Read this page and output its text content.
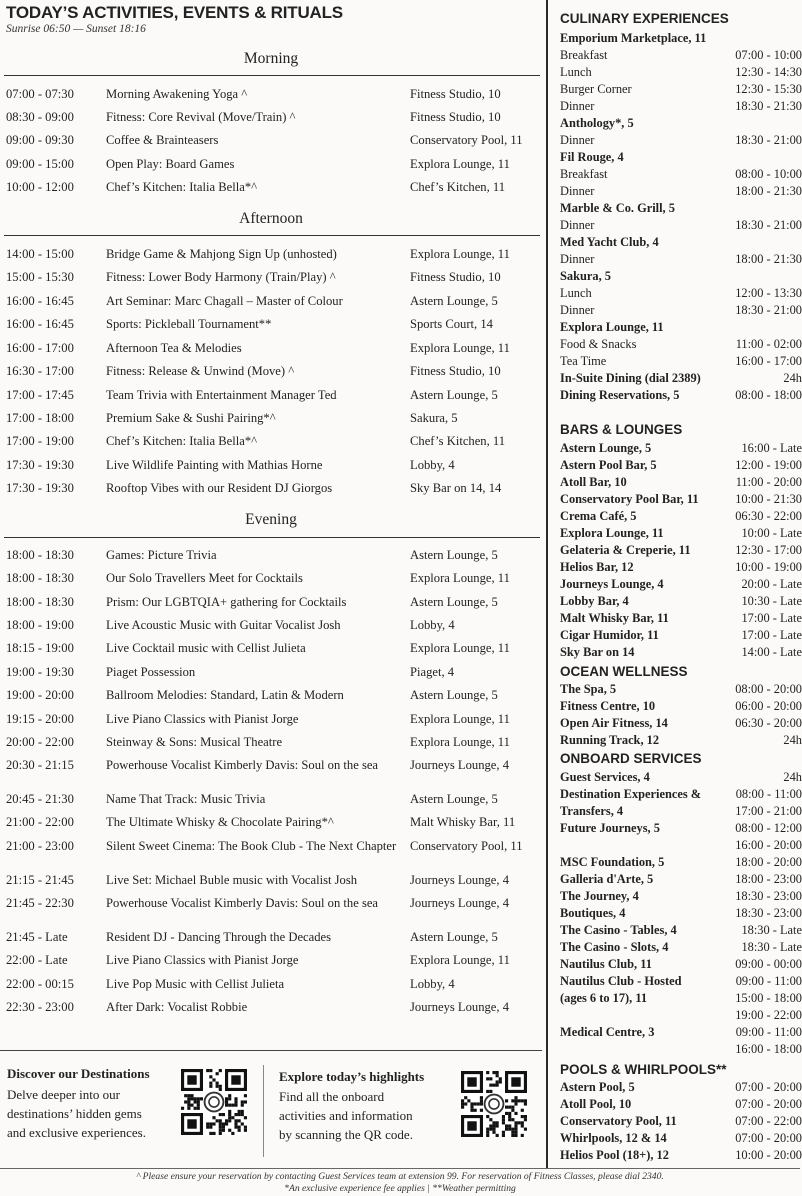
TODAY’S ACTIVITIES, EVENTS & RITUALS
Sunrise 06:50 — Sunset 18:16
Morning
07:00 - 07:30	Morning Awakening Yoga ^	Fitness Studio, 10
08:30 - 09:00	Fitness: Core Revival (Move/Train) ^	Fitness Studio, 10
09:00 - 09:30	Coffee & Brainteasers	Conservatory Pool, 11
09:00 - 15:00	Open Play: Board Games	Explora Lounge, 11
10:00 - 12:00	Chef’s Kitchen: Italia Bella*^	Chef’s Kitchen, 11
Afternoon
14:00 - 15:00	Bridge Game & Mahjong Sign Up (unhosted)	Explora Lounge, 11
15:00 - 15:30	Fitness: Lower Body Harmony (Train/Play) ^	Fitness Studio, 10
16:00 - 16:45	Art Seminar: Marc Chagall – Master of Colour	Astern Lounge, 5
16:00 - 16:45	Sports: Pickleball Tournament**	Sports Court, 14
16:00 - 17:00	Afternoon Tea & Melodies	Explora Lounge, 11
16:30 - 17:00	Fitness: Release & Unwind (Move) ^	Fitness Studio, 10
17:00 - 17:45	Team Trivia with Entertainment Manager Ted	Astern Lounge, 5
17:00 - 18:00	Premium Sake & Sushi Pairing*^	Sakura, 5
17:00 - 19:00	Chef’s Kitchen: Italia Bella*^	Chef’s Kitchen, 11
17:30 - 19:30	Live Wildlife Painting with Mathias Horne	Lobby, 4
17:30 - 19:30	Rooftop Vibes with our Resident DJ Giorgos	Sky Bar on 14, 14
Evening
18:00 - 18:30	Games: Picture Trivia	Astern Lounge, 5
18:00 - 18:30	Our Solo Travellers Meet for Cocktails	Explora Lounge, 11
18:00 - 18:30	Prism: Our LGBTQIA+ gathering for Cocktails	Astern Lounge, 5
18:00 - 19:00	Live Acoustic Music with Guitar Vocalist Josh	Lobby, 4
18:15 - 19:00	Live Cocktail music with Cellist Julieta	Explora Lounge, 11
19:00 - 19:30	Piaget Possession	Piaget, 4
19:00 - 20:00	Ballroom Melodies: Standard, Latin & Modern	Astern Lounge, 5
19:15 - 20:00	Live Piano Classics with Pianist Jorge	Explora Lounge, 11
20:00 - 22:00	Steinway & Sons: Musical Theatre	Explora Lounge, 11
20:30 - 21:15	Powerhouse Vocalist Kimberly Davis: Soul on the sea	Journeys Lounge, 4
20:45 - 21:30	Name That Track: Music Trivia	Astern Lounge, 5
21:00 - 22:00	The Ultimate Whisky & Chocolate Pairing*^	Malt Whisky Bar, 11
21:00 - 23:00	Silent Sweet Cinema: The Book Club - The Next Chapter	Conservatory Pool, 11
21:15 - 21:45	Live Set: Michael Buble music with Vocalist Josh	Journeys Lounge, 4
21:45 - 22:30	Powerhouse Vocalist Kimberly Davis: Soul on the sea	Journeys Lounge, 4
21:45 - Late	Resident DJ - Dancing Through the Decades	Astern Lounge, 5
22:00 - Late	Live Piano Classics with Pianist Jorge	Explora Lounge, 11
22:00 - 00:15	Live Pop Music with Cellist Julieta	Lobby, 4
22:30 - 23:00	After Dark: Vocalist Robbie	Journeys Lounge, 4
CULINARY EXPERIENCES
Emporium Marketplace, 11
Breakfast	07:00 - 10:00
Lunch	12:30 - 14:30
Burger Corner	12:30 - 15:30
Dinner	18:30 - 21:30
Anthology*, 5
Dinner	18:30 - 21:00
Fil Rouge, 4
Breakfast	08:00 - 10:00
Dinner	18:00 - 21:30
Marble & Co. Grill, 5
Dinner	18:30 - 21:00
Med Yacht Club, 4
Dinner	18:00 - 21:30
Sakura, 5
Lunch	12:00 - 13:30
Dinner	18:30 - 21:00
Explora Lounge, 11
Food & Snacks	11:00 - 02:00
Tea Time	16:00 - 17:00
In-Suite Dining (dial 2389)	24h
Dining Reservations, 5	08:00 - 18:00
BARS & LOUNGES
Astern Lounge, 5	16:00 - Late
Astern Pool Bar, 5	12:00 - 19:00
Atoll Bar, 10	11:00 - 20:00
Conservatory Pool Bar, 11	10:00 - 21:30
Crema Café, 5	06:30 - 22:00
Explora Lounge, 11	10:00 - Late
Gelateria & Creperie, 11	12:30 - 17:00
Helios Bar, 12	10:00 - 19:00
Journeys Lounge, 4	20:00 - Late
Lobby Bar, 4	10:30 - Late
Malt Whisky Bar, 11	17:00 - Late
Cigar Humidor, 11	17:00 - Late
Sky Bar on 14	14:00 - Late
OCEAN WELLNESS
The Spa, 5	08:00 - 20:00
Fitness Centre, 10	06:00 - 20:00
Open Air Fitness, 14	06:30 - 20:00
Running Track, 12	24h
ONBOARD SERVICES
Guest Services, 4	24h
Destination Experiences &	08:00 - 11:00
Transfers, 4	17:00 - 21:00
Future Journeys, 5	08:00 - 12:00
16:00 - 20:00
MSC Foundation, 5	18:00 - 20:00
Galleria d'Arte, 5	18:00 - 23:00
The Journey, 4	18:30 - 23:00
Boutiques, 4	18:30 - 23:00
The Casino - Tables, 4	18:30 - Late
The Casino - Slots, 4	18:30 - Late
Nautilus Club, 11	09:00 - 00:00
Nautilus Club - Hosted	09:00 - 11:00
(ages 6 to 17), 11	15:00 - 18:00
19:00 - 22:00
Medical Centre, 3	09:00 - 11:00
16:00 - 18:00
POOLS & WHIRLPOOLS**
Astern Pool, 5	07:00 - 20:00
Atoll Pool, 10	07:00 - 20:00
Conservatory Pool, 11	07:00 - 22:00
Whirlpools, 12 & 14	07:00 - 20:00
Helios Pool (18+), 12	10:00 - 20:00
Discover our Destinations
Delve deeper into our
destinations’ hidden gems
and exclusive experiences.
Explore today’s highlights
Find all the onboard
activities and information
by scanning the QR code.
^ Please ensure your reservation by contacting Guest Services team at extension 99. For reservation of Fitness Classes, please dial 2340.
*An exclusive experience fee applies | **Weather permitting
